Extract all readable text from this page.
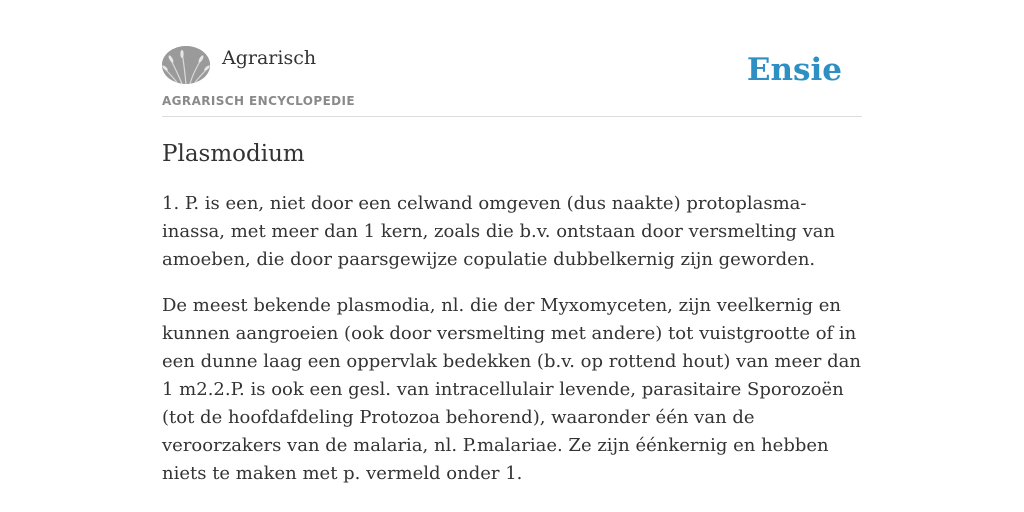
Agrarisch
AGRARISCH ENCYCLOPEDIE
Ensie
Plasmodium

1. P. is een, niet door een celwand omgeven (dus naakte) protoplasma-inassa, met meer dan 1 kern, zoals die b.v. ontstaan door versmelting van amoeben, die door paarsgewijze copulatie dubbelkernig zijn geworden.

De meest bekende plasmodia, nl. die der Myxomyceten, zijn veelkernig en kunnen aangroeien (ook door versmelting met andere) tot vuistgrootte of in een dunne laag een oppervlak bedekken (b.v. op rottend hout) van meer dan 1 m2.2.P. is ook een gesl. van intracellulair levende, parasitaire Sporozoën (tot de hoofdafdeling Protozoa behorend), waaronder één van de veroorzakers van de malaria, nl. P.malariae. Ze zijn éénkernig en hebben niets te maken met p. vermeld onder 1.
